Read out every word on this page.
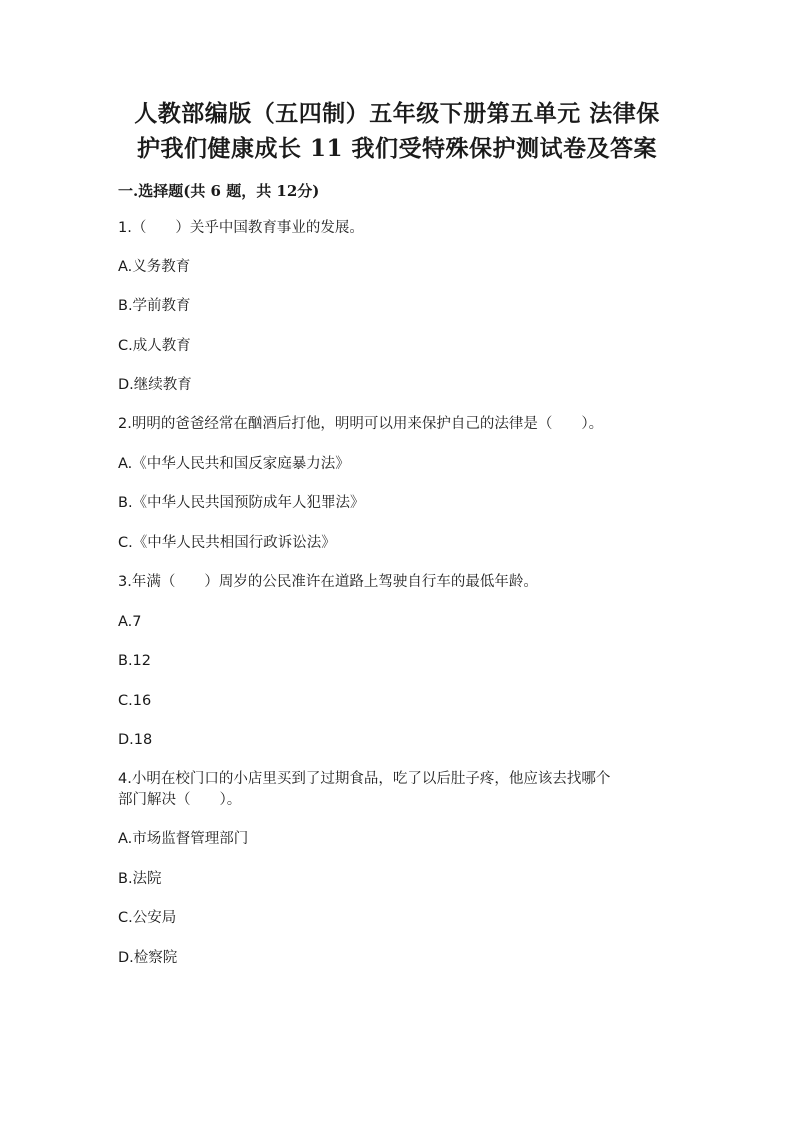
人教部编版（五四制）五年级下册第五单元 法律保
护我们健康成长 11 我们受特殊保护测试卷及答案
一.选择题(共 6 题，共 12分)
1.（　　）关乎中国教育事业的发展。
A.义务教育
B.学前教育
C.成人教育
D.继续教育
2.明明的爸爸经常在酗酒后打他，明明可以用来保护自己的法律是（　　）。
A.《中华人民共和国反家庭暴力法》
B.《中华人民共国预防成年人犯罪法》
C.《中华人民共相国行政诉讼法》
3.年满（　　）周岁的公民准许在道路上驾驶自行车的最低年龄。
A.7
B.12
C.16
D.18
4.小明在校门口的小店里买到了过期食品，吃了以后肚子疼，他应该去找哪个
部门解决（　　）。
A.市场监督管理部门
B.法院
C.公安局
D.检察院
